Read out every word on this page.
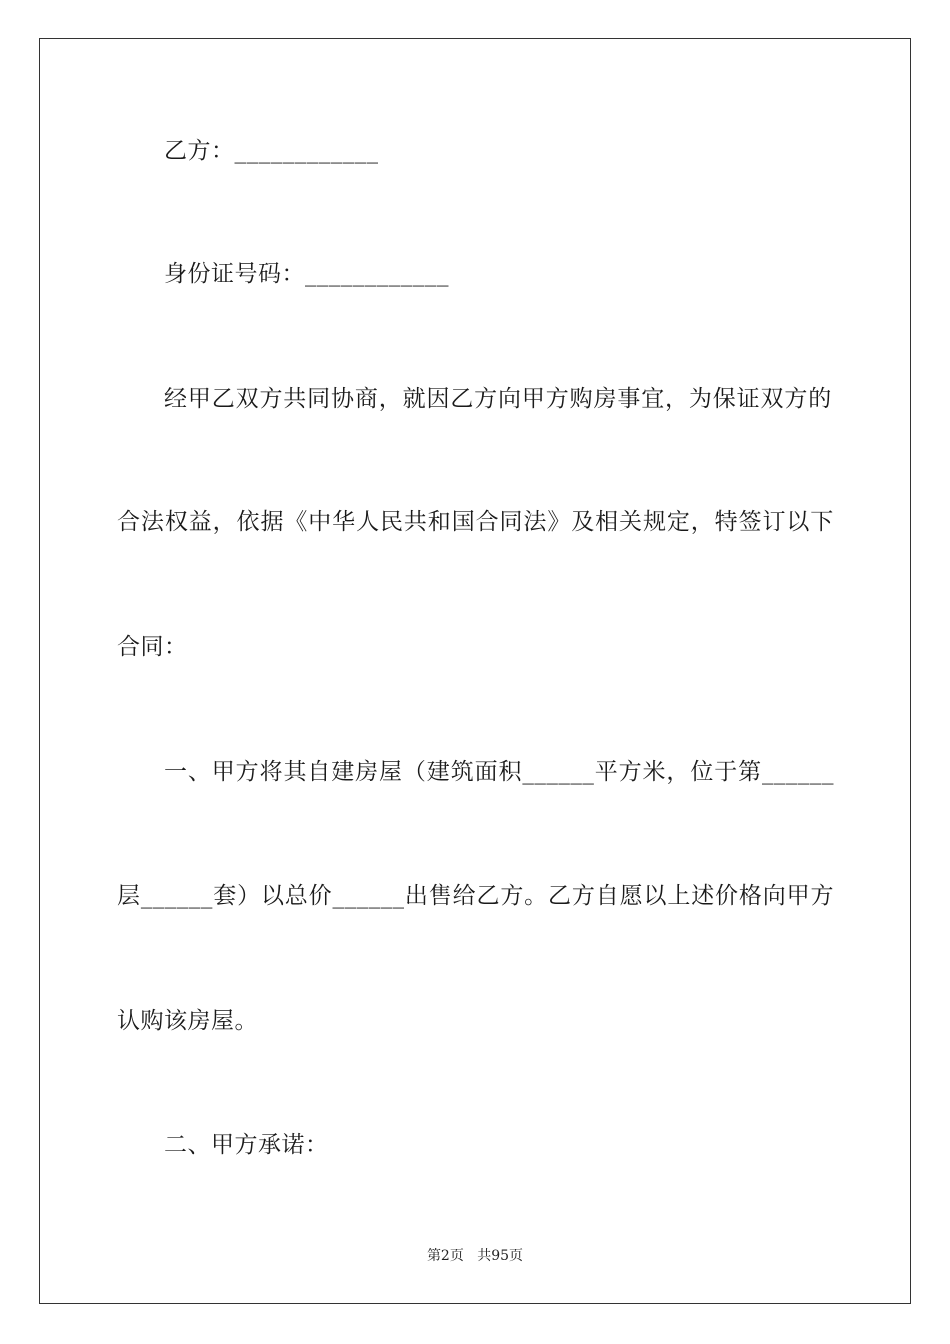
乙方：____________
身份证号码：____________
经 甲 乙 双 方 共 同 协 商 ， 就 因 乙 方 向 甲 方 购 房 事 宜 ， 为 保 证 双 方 的
合 法 权 益 ， 依 据 《 中 华 人 民 共 和 国 合 同 法 》 及 相 关 规 定 ， 特 签 订 以 下
合同：
一 、 甲 方 将 其 自 建 房 屋 （ 建 筑 面 积 ______ 平 方 米 ， 位 于 第 ______
层 ______ 套 ） 以 总 价 ______ 出 售 给 乙 方 。 乙 方 自 愿 以 上 述 价 格 向 甲 方
认购该房屋。
二、甲方承诺：
第2页 共95页
